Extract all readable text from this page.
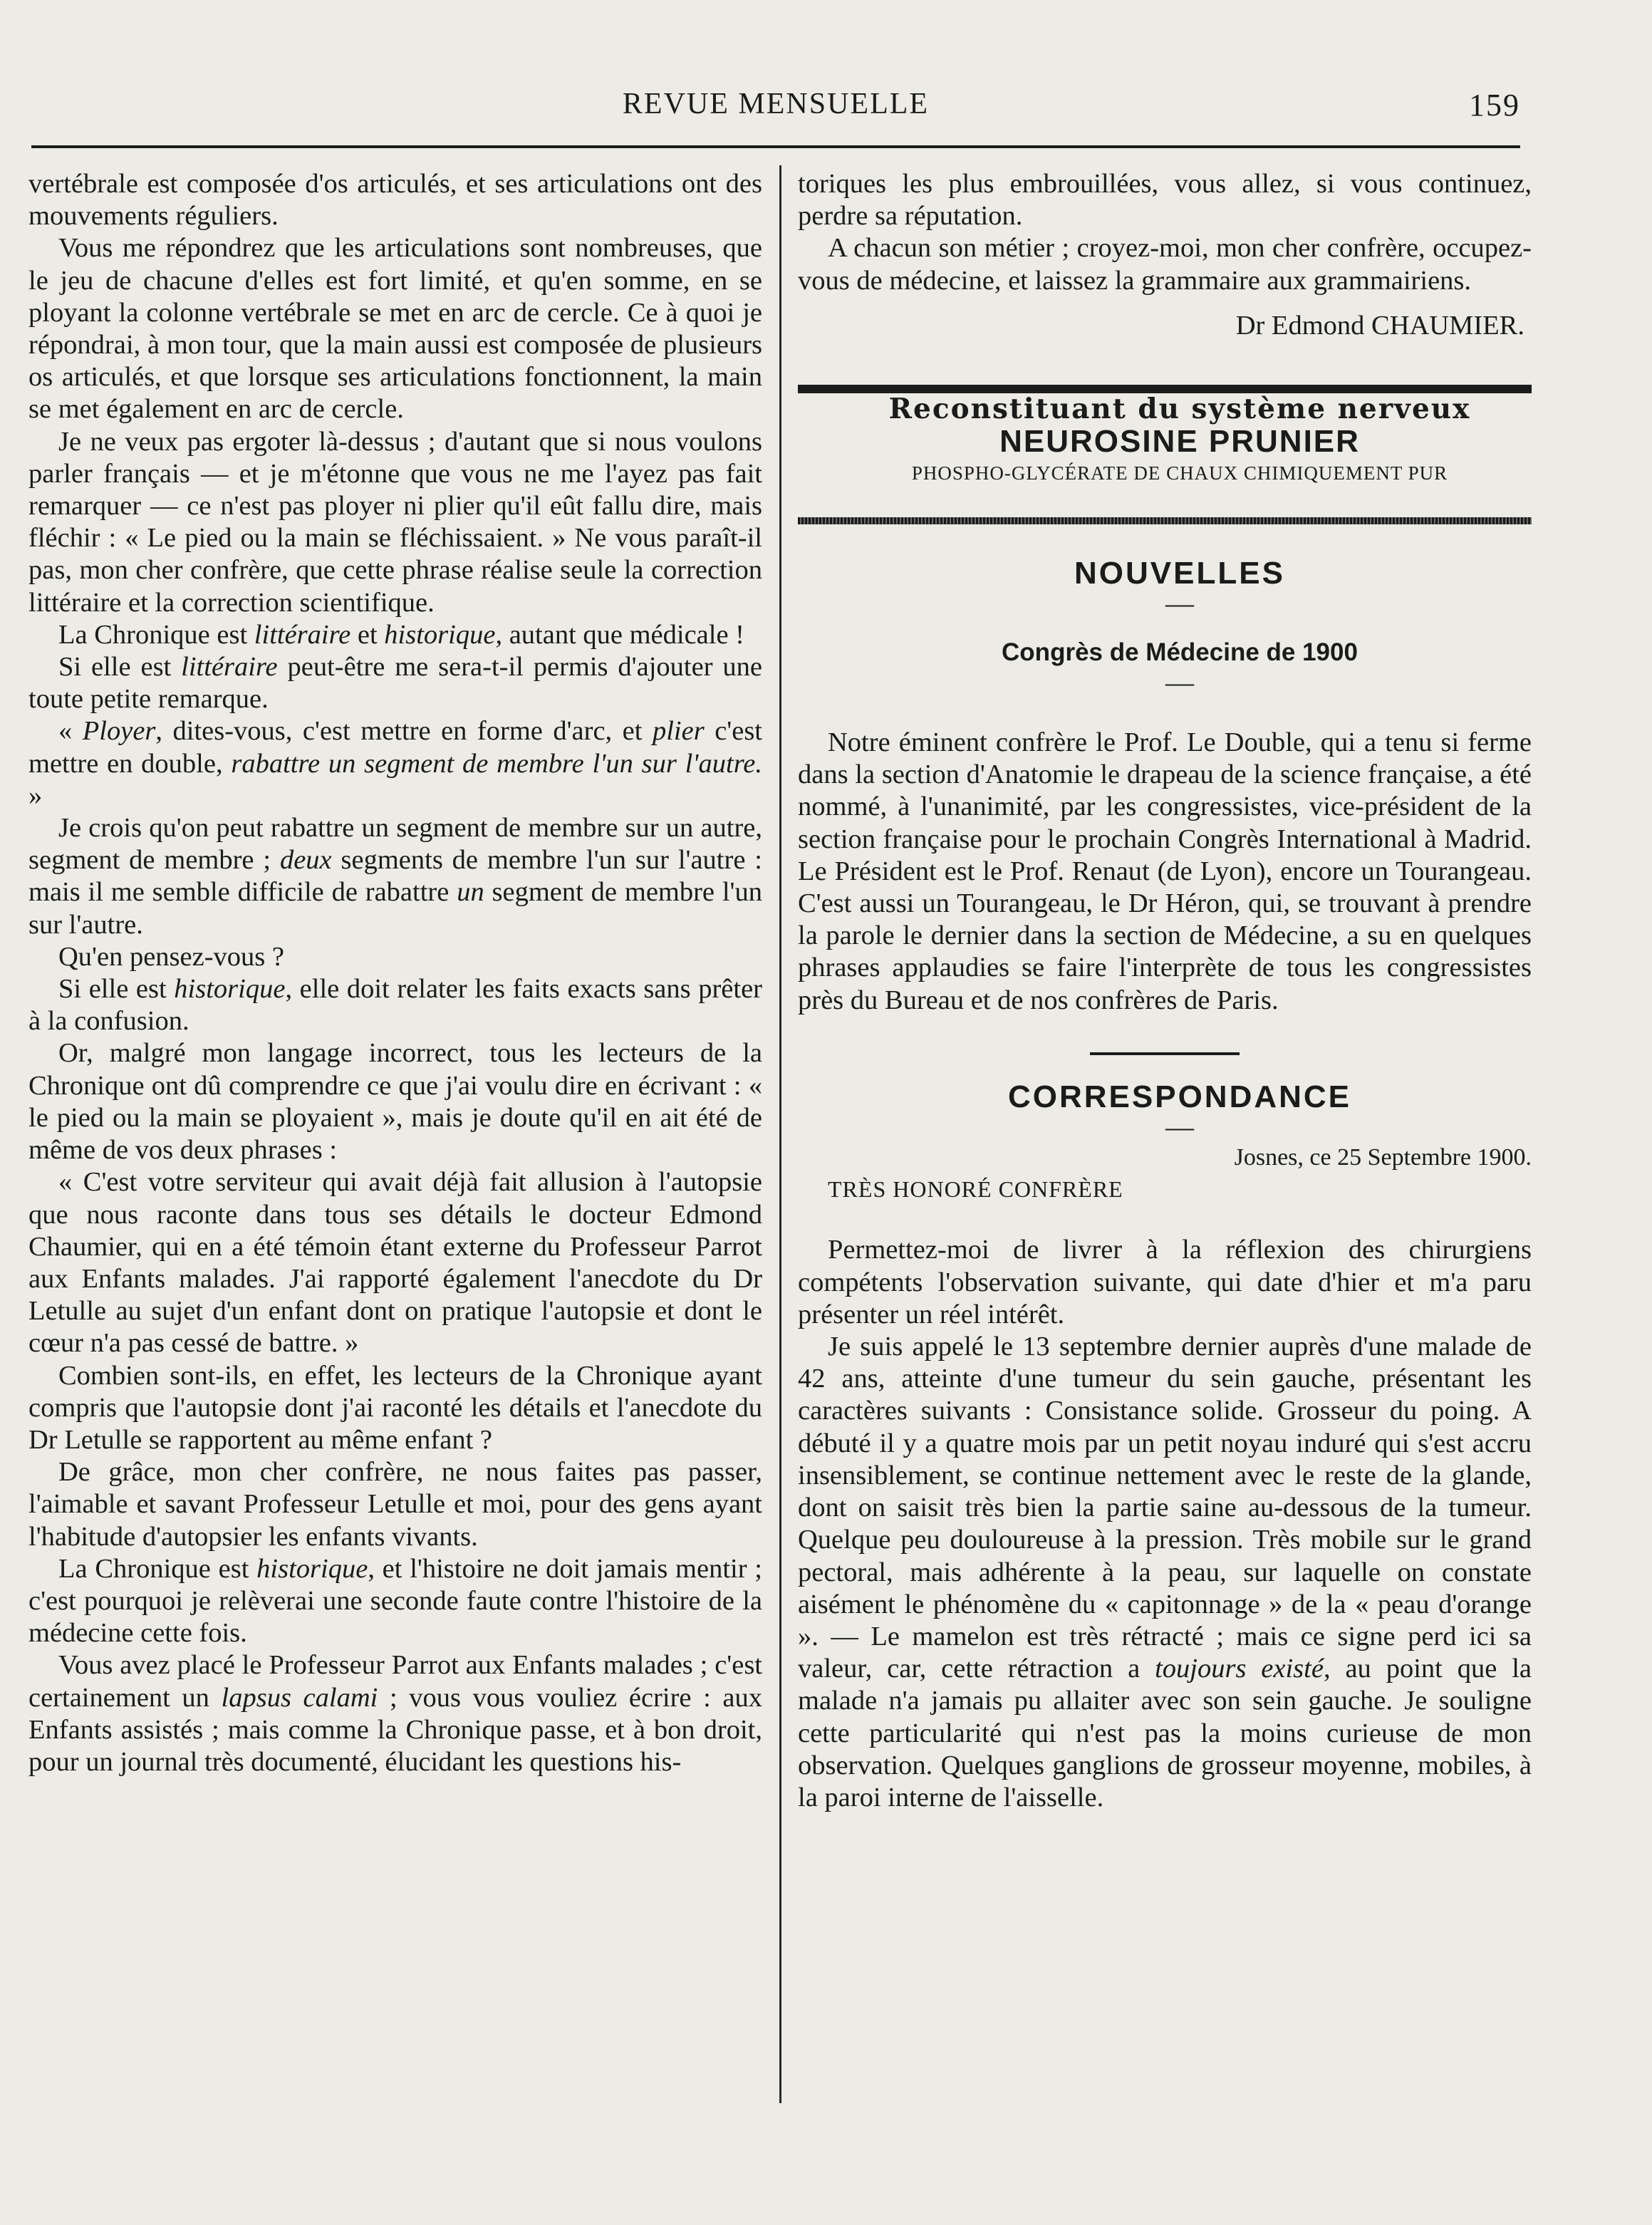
REVUE MENSUELLE	159

vertébrale est composée d'os articulés, et ses articulations ont des mouvements réguliers.

Vous me répondrez que les articulations sont nombreuses, que le jeu de chacune d'elles est fort limité, et qu'en somme, en se ployant la colonne vertébrale se met en arc de cercle. Ce à quoi je répondrai, à mon tour, que la main aussi est composée de plusieurs os articulés, et que lorsque ses articulations fonctionnent, la main se met également en arc de cercle.

Je ne veux pas ergoter là-dessus ; d'autant que si nous voulons parler français — et je m'étonne que vous ne me l'ayez pas fait remarquer — ce n'est pas ployer ni plier qu'il eût fallu dire, mais fléchir : « Le pied ou la main se fléchissaient. » Ne vous paraît-il pas, mon cher confrère, que cette phrase réalise seule la correction littéraire et la correction scientifique.

La Chronique est littéraire et historique, autant que médicale !

Si elle est littéraire peut-être me sera-t-il permis d'ajouter une toute petite remarque.

« Ployer, dites-vous, c'est mettre en forme d'arc, et plier c'est mettre en double, rabattre un segment de membre l'un sur l'autre. »

Je crois qu'on peut rabattre un segment de membre sur un autre, segment de membre ; deux segments de membre l'un sur l'autre : mais il me semble difficile de rabattre un segment de membre l'un sur l'autre.

Qu'en pensez-vous ?

Si elle est historique, elle doit relater les faits exacts sans prêter à la confusion.

Or, malgré mon langage incorrect, tous les lecteurs de la Chronique ont dû comprendre ce que j'ai voulu dire en écrivant : « le pied ou la main se ployaient », mais je doute qu'il en ait été de même de vos deux phrases :

« C'est votre serviteur qui avait déjà fait allusion à l'autopsie que nous raconte dans tous ses détails le docteur Edmond Chaumier, qui en a été témoin étant externe du Professeur Parrot aux Enfants malades. J'ai rapporté également l'anecdote du Dr Letulle au sujet d'un enfant dont on pratique l'autopsie et dont le cœur n'a pas cessé de battre. »

Combien sont-ils, en effet, les lecteurs de la Chronique ayant compris que l'autopsie dont j'ai raconté les détails et l'anecdote du Dr Letulle se rapportent au même enfant ?

De grâce, mon cher confrère, ne nous faites pas passer, l'aimable et savant Professeur Letulle et moi, pour des gens ayant l'habitude d'autopsier les enfants vivants.

La Chronique est historique, et l'histoire ne doit jamais mentir ; c'est pourquoi je relèverai une seconde faute contre l'histoire de la médecine cette fois.

Vous avez placé le Professeur Parrot aux Enfants malades ; c'est certainement un lapsus calami ; vous vous vouliez écrire : aux Enfants assistés ; mais comme la Chronique passe, et à bon droit, pour un journal très documenté, élucidant les questions his-

toriques les plus embrouillées, vous allez, si vous continuez, perdre sa réputation.

A chacun son métier ; croyez-moi, mon cher confrère, occupez-vous de médecine, et laissez la grammaire aux grammairiens.

Dr Edmond CHAUMIER.

Reconstituant du système nerveux

NEUROSINE PRUNIER

PHOSPHO-GLYCÉRATE DE CHAUX CHIMIQUEMENT PUR

NOUVELLES

—

Congrès de Médecine de 1900

—

Notre éminent confrère le Prof. Le Double, qui a tenu si ferme dans la section d'Anatomie le drapeau de la science française, a été nommé, à l'unanimité, par les congressistes, vice-président de la section française pour le prochain Congrès International à Madrid. Le Président est le Prof. Renaut (de Lyon), encore un Tourangeau. C'est aussi un Tourangeau, le Dr Héron, qui, se trouvant à prendre la parole le dernier dans la section de Médecine, a su en quelques phrases applaudies se faire l'interprète de tous les congressistes près du Bureau et de nos confrères de Paris.

CORRESPONDANCE

—

Josnes, ce 25 Septembre 1900.

TRÈS HONORÉ CONFRÈRE

Permettez-moi de livrer à la réflexion des chirurgiens compétents l'observation suivante, qui date d'hier et m'a paru présenter un réel intérêt.

Je suis appelé le 13 septembre dernier auprès d'une malade de 42 ans, atteinte d'une tumeur du sein gauche, présentant les caractères suivants : Consistance solide. Grosseur du poing. A débuté il y a quatre mois par un petit noyau induré qui s'est accru insensiblement, se continue nettement avec le reste de la glande, dont on saisit très bien la partie saine au-dessous de la tumeur. Quelque peu douloureuse à la pression. Très mobile sur le grand pectoral, mais adhérente à la peau, sur laquelle on constate aisément le phénomène du « capitonnage » de la « peau d'orange ». — Le mamelon est très rétracté ; mais ce signe perd ici sa valeur, car, cette rétraction a toujours existé, au point que la malade n'a jamais pu allaiter avec son sein gauche. Je souligne cette particularité qui n'est pas la moins curieuse de mon observation. Quelques ganglions de grosseur moyenne, mobiles, à la paroi interne de l'aisselle.
